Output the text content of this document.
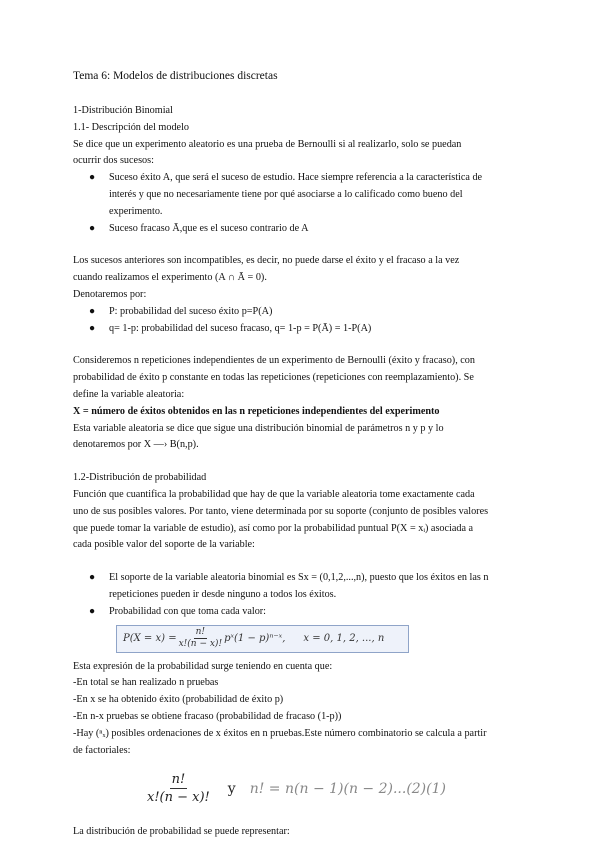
Tema 6: Modelos de distribuciones discretas

1-Distribución Binomial

1.1- Descripción del modelo

Se dice que un experimento aleatorio es una prueba de Bernoulli si al realizarlo, solo se puedan

ocurrir dos sucesos:

● Suceso éxito A, que será el suceso de estudio. Hace siempre referencia a la característica de
interés y que no necesariamente tiene por qué asociarse a lo calificado como bueno del
experimento.
● Suceso fracaso Ā,que es el suceso contrario de A

Los sucesos anteriores son incompatibles, es decir, no puede darse el éxito y el fracaso a la vez

cuando realizamos el experimento (A ∩ Ā = 0).

Denotaremos por:

● P: probabilidad del suceso éxito p=P(A)
● q= 1-p: probabilidad del suceso fracaso, q= 1-p = P(Ā) = 1-P(A)

Consideremos n repeticiones independientes de un experimento de Bernoulli (éxito y fracaso), con

probabilidad de éxito p constante en todas las repeticiones (repeticiones con reemplazamiento). Se

define la variable aleatoria:

X = número de éxitos obtenidos en las n repeticiones independientes del experimento

Esta variable aleatoria se dice que sigue una distribución binomial de parámetros n y p y lo

denotaremos por X —› B(n,p).

1.2-Distribución de probabilidad

Función que cuantifica la probabilidad que hay de que la variable aleatoria tome exactamente cada

uno de sus posibles valores. Por tanto, viene determinada por su soporte (conjunto de posibles valores

que puede tomar la variable de estudio), así como por la probabilidad puntual P(X = xᵢ) asociada a

cada posible valor del soporte de la variable:

● El soporte de la variable aleatoria binomial es Sx = (0,1,2,...,n), puesto que los éxitos en las n
repeticiones pueden ir desde ninguno a todos los éxitos.
● Probabilidad con que toma cada valor:
$P(X = x) = \frac{n!}{x!(n - x)!}$ pˣ(1 − p)ⁿ⁻ˣ, x = 0, 1, 2, ..., n

Esta expresión de la probabilidad surge teniendo en cuenta que:

-En total se han realizado n pruebas

-En x se ha obtenido éxito (probabilidad de éxito p)

-En n-x pruebas se obtiene fracaso (probabilidad de fracaso (1-p))

-Hay (ⁿₓ) posibles ordenaciones de x éxitos en n pruebas.Este número combinatorio se calcula a partir

de factoriales:

$\frac{n!}{x!(n - x)!}$ y n! = n(n − 1)(n − 2)...(2)(1)

La distribución de probabilidad se puede representar:
